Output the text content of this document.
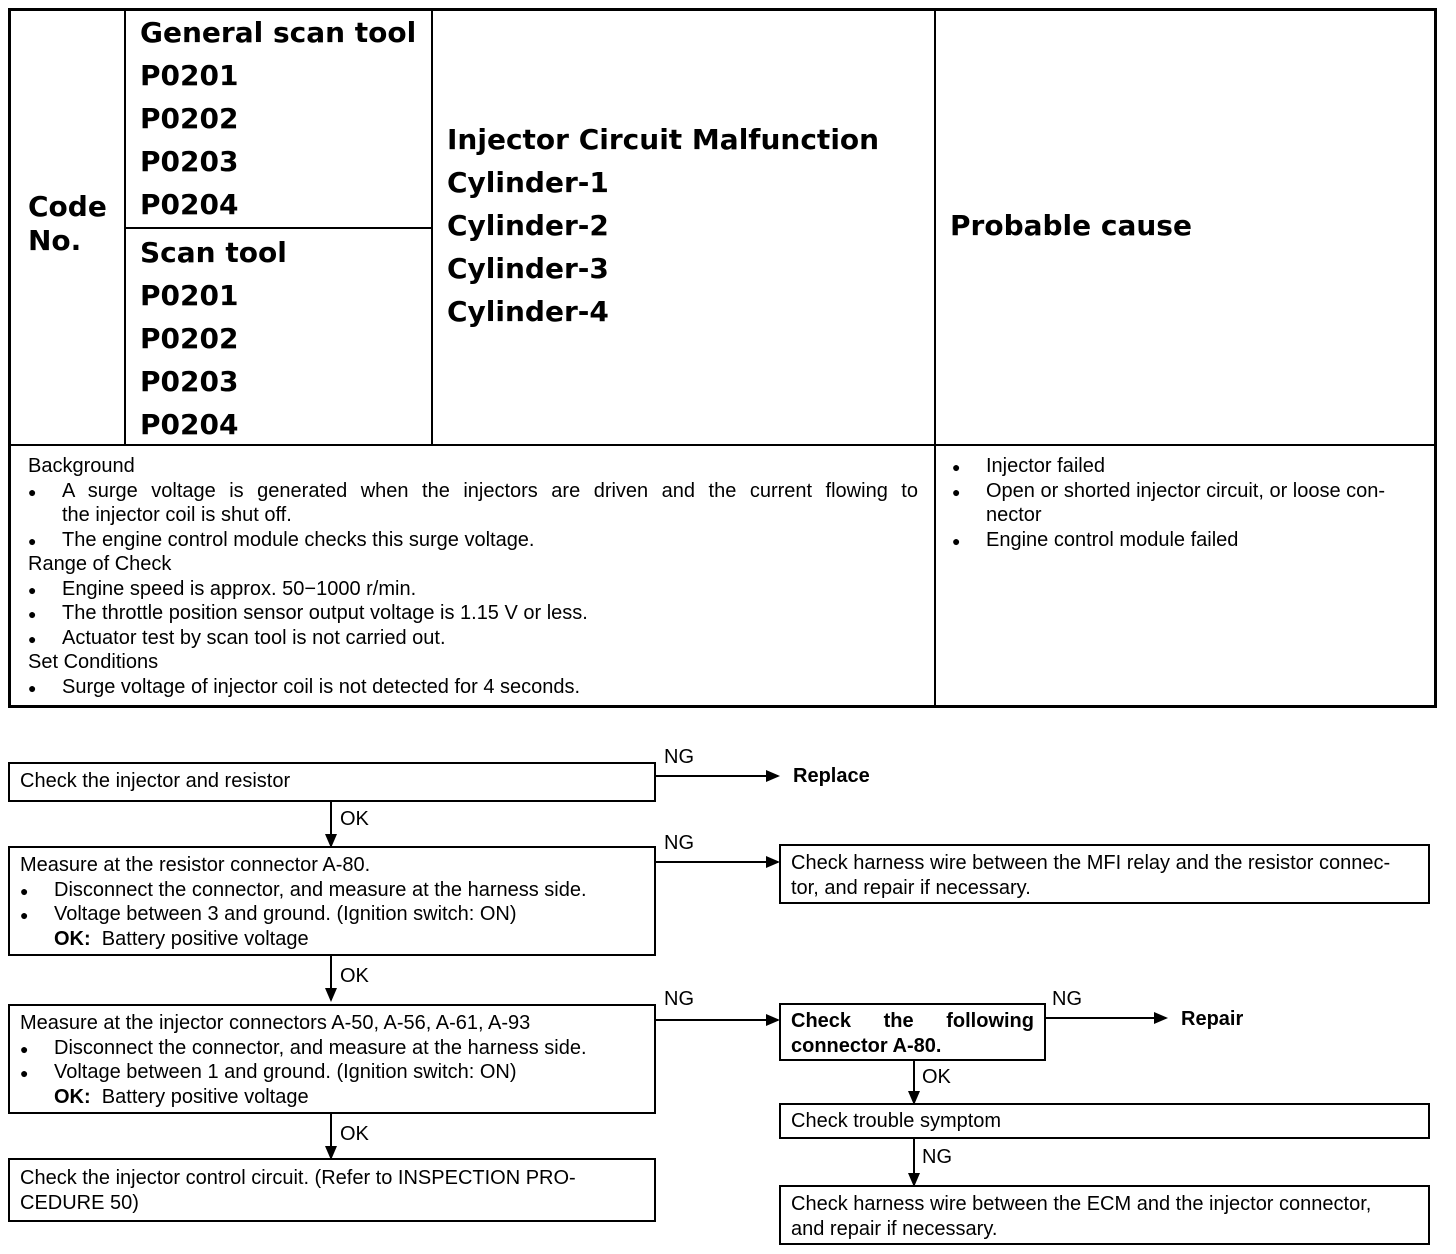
Code
No.
General scan tool
P0201
P0202
P0203
P0204
Scan tool
P0201
P0202
P0203
P0204
Injector Circuit Malfunction
Cylinder-1
Cylinder-2
Cylinder-3
Cylinder-4
Probable cause
Background
● A surge voltage is generated when the injectors are driven and the current flowing to
the injector coil is shut off.
● The engine control module checks this surge voltage.
Range of Check
● Engine speed is approx. 50−1000 r/min.
● The throttle position sensor output voltage is 1.15 V or less.
● Actuator test by scan tool is not carried out.
Set Conditions
● Surge voltage of injector coil is not detected for 4 seconds.
● Injector failed
● Open or shorted injector circuit, or loose con-
nector
● Engine control module failed
Check the injector and resistor
NG
Replace
OK
Measure at the resistor connector A-80.
● Disconnect the connector, and measure at the harness side.
● Voltage between 3 and ground. (Ignition switch: ON)
OK: Battery positive voltage
NG
Check harness wire between the MFI relay and the resistor connec-
tor, and repair if necessary.
OK
Measure at the injector connectors A-50, A-56, A-61, A-93
● Disconnect the connector, and measure at the harness side.
● Voltage between 1 and ground. (Ignition switch: ON)
OK: Battery positive voltage
NG
Check the following
connector A-80.
NG
Repair
OK
Check trouble symptom
NG
Check harness wire between the ECM and the injector connector,
and repair if necessary.
OK
Check the injector control circuit. (Refer to INSPECTION PRO-
CEDURE 50)
